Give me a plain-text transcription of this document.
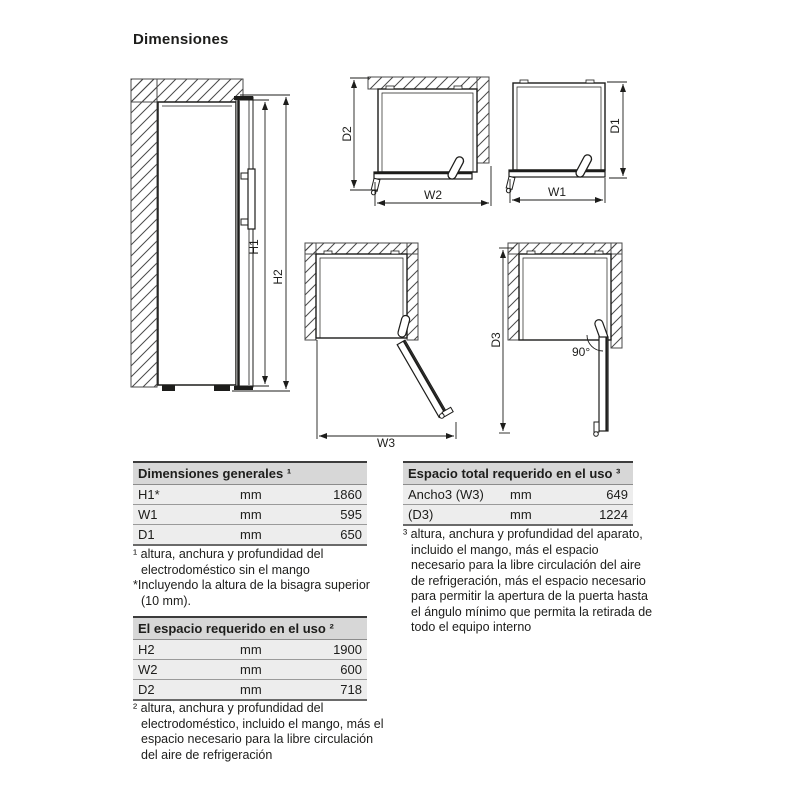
Dimensiones
H1
H2
D2
W2
D1
W1
W3
90°
D3
Dimensiones generales ¹
H1*	mm	1860
W1	mm	595
D1	mm	650

¹ altura, anchura y profundidad del electrodoméstico sin el mango

*Incluyendo la altura de la bisagra superior (10 mm).

El espacio requerido en el uso ²
H2	mm	1900
W2	mm	600
D2	mm	718

² altura, anchura y profundidad del electrodoméstico, incluido el mango, más el espacio necesario para la libre circulación del aire de refrigeración

Espacio total requerido en el uso ³
Ancho3 (W3)	mm	649
(D3)	mm	1224

³ altura, anchura y profundidad del aparato, incluido el mango, más el espacio necesario para la libre circulación del aire de refrigeración, más el espacio necesario para permitir la apertura de la puerta hasta el ángulo mínimo que permita la retirada de todo el equipo interno
